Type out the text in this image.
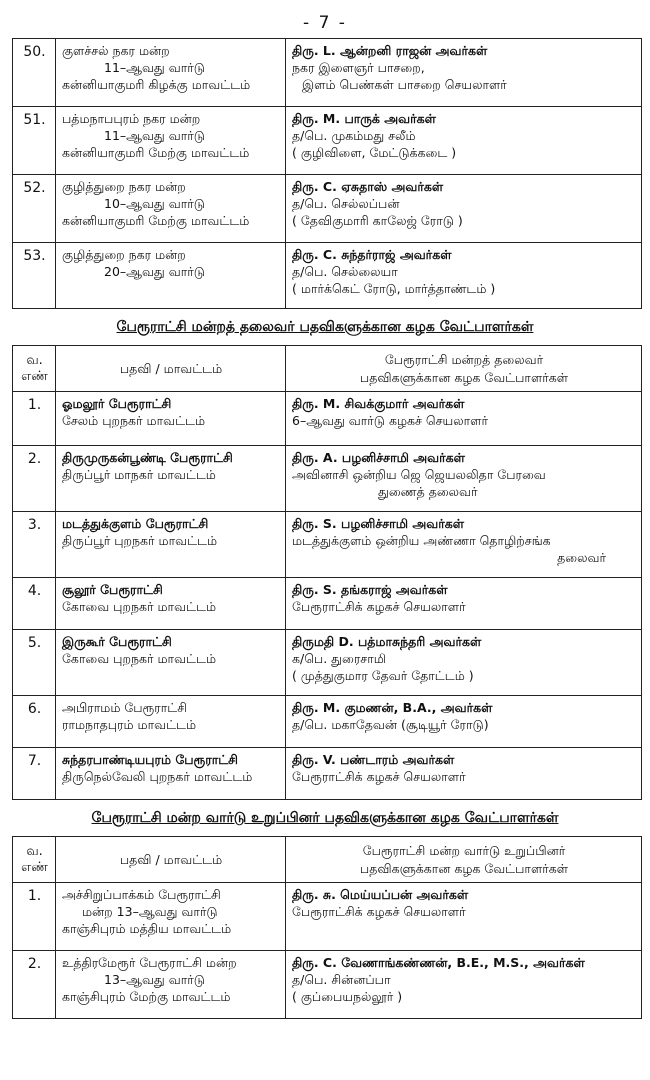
- 7 -
50.	குளச்சல் நகர மன்ற
11–ஆவது வார்டு
கன்னியாகுமரி கிழக்கு மாவட்டம்	திரு. L. ஆன்றனி ராஜன் அவர்கள்
நகர இளைஞர் பாசறை,
இளம் பெண்கள் பாசறை செயலாளர்

51.	பத்மநாபபுரம் நகர மன்ற
11–ஆவது வார்டு
கன்னியாகுமரி மேற்கு மாவட்டம்	திரு. M. பாருக் அவர்கள்
த/பெ. முகம்மது சலீம்
( குழிவிளை, மேட்டுக்கடை )

52.	குழித்துறை நகர மன்ற
10–ஆவது வார்டு
கன்னியாகுமரி மேற்கு மாவட்டம்	திரு. C. ஏசுதாஸ் அவர்கள்
த/பெ. செல்லப்பன்
( தேவிகுமாரி காலேஜ் ரோடு )

53.	குழித்துறை நகர மன்ற
20–ஆவது வார்டு	திரு. C. சுந்தர்ராஜ் அவர்கள்
த/பெ. செல்லையா
( மார்க்கெட் ரோடு, மார்த்தாண்டம் )
பேரூராட்சி மன்றத் தலைவர் பதவிகளுக்கான கழக வேட்பாளர்கள்
வ.
எண்	பதவி / மாவட்டம்	பேரூராட்சி மன்றத் தலைவர்
பதவிகளுக்கான கழக வேட்பாளர்கள்

1.	ஓமலூர் பேரூராட்சி
சேலம் புறநகர் மாவட்டம்	திரு. M. சிவக்குமார் அவர்கள்
6–ஆவது வார்டு கழகச் செயலாளர்

2.	திருமுருகன்பூண்டி பேரூராட்சி
திருப்பூர் மாநகர் மாவட்டம்	திரு. A. பழனிச்சாமி அவர்கள்
அவினாசி ஒன்றிய ஜெ ஜெயலலிதா பேரவை
துணைத் தலைவர்

3.	மடத்துக்குளம் பேரூராட்சி
திருப்பூர் புறநகர் மாவட்டம்	திரு. S. பழனிச்சாமி அவர்கள்
மடத்துக்குளம் ஒன்றிய அண்ணா தொழிற்சங்க
தலைவர்

4.	சூலூர் பேரூராட்சி
கோவை புறநகர் மாவட்டம்	திரு. S. தங்கராஜ் அவர்கள்
பேரூராட்சிக் கழகச் செயலாளர்

5.	இருகூர் பேரூராட்சி
கோவை புறநகர் மாவட்டம்	திருமதி D. பத்மாசுந்தரி அவர்கள்
க/பெ. துரைசாமி
( முத்துகுமார தேவர் தோட்டம் )

6.	அபிராமம் பேரூராட்சி
ராமநாதபுரம் மாவட்டம்	திரு. M. குமணன், B.A., அவர்கள்
த/பெ. மகாதேவன் (சூடியூர் ரோடு)

7.	சுந்தரபாண்டியபுரம் பேரூராட்சி
திருநெல்வேலி புறநகர் மாவட்டம்	திரு. V. பண்டாரம் அவர்கள்
பேரூராட்சிக் கழகச் செயலாளர்
பேரூராட்சி மன்ற வார்டு உறுப்பினர் பதவிகளுக்கான கழக வேட்பாளர்கள்
வ.
எண்	பதவி / மாவட்டம்	பேரூராட்சி மன்ற வார்டு உறுப்பினர்
பதவிகளுக்கான கழக வேட்பாளர்கள்

1.	அச்சிறுப்பாக்கம் பேரூராட்சி
மன்ற 13–ஆவது வார்டு
காஞ்சிபுரம் மத்திய மாவட்டம்	திரு. சு. மெய்யப்பன் அவர்கள்
பேரூராட்சிக் கழகச் செயலாளர்

2.	உத்திரமேரூர் பேரூராட்சி மன்ற
13–ஆவது வார்டு
காஞ்சிபுரம் மேற்கு மாவட்டம்	திரு. C. வேணாங்கண்ணன், B.E., M.S., அவர்கள்
த/பெ. சின்னப்பா
( குப்பையநல்லூர் )
